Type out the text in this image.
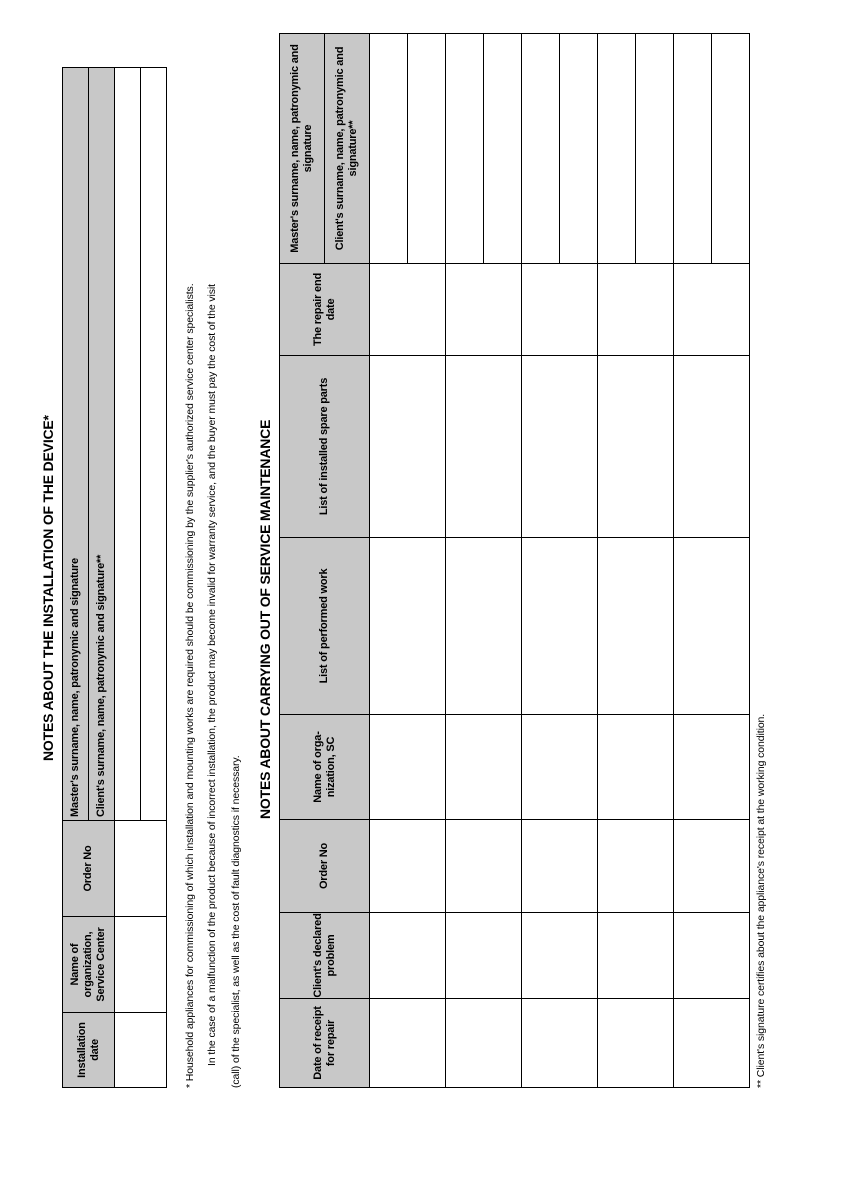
NOTES ABOUT THE INSTALLATION OF THE DEVICE*
Installation date	Name of organization, Service Center	Order No	Master's surname, name, patronymic and signature
			Client's surname, name, patronymic and signature**
				* Household appliances for commissioning of which installation and mounting works are required should be commissioning by the supplier's authorized service center specialists. In the case of a malfunction of the product because of incorrect installation, the product may become invalid for warranty service, and the buyer must pay the cost of the visit (call) of the specialist, as well as the cost of fault diagnostics if necessary.
NOTES ABOUT CARRYING OUT OF SERVICE MAINTENANCE
Date of receipt for repair	Client's declared problem	Order No	Name of orga-nization, SC	List of performed work	List of installed spare parts	The repair end date	Master's surname, name, patronymic and signature
							Client's surname, name, patronymic and signature**

** Client's signature certifies about the appliance's receipt at the working condition.
